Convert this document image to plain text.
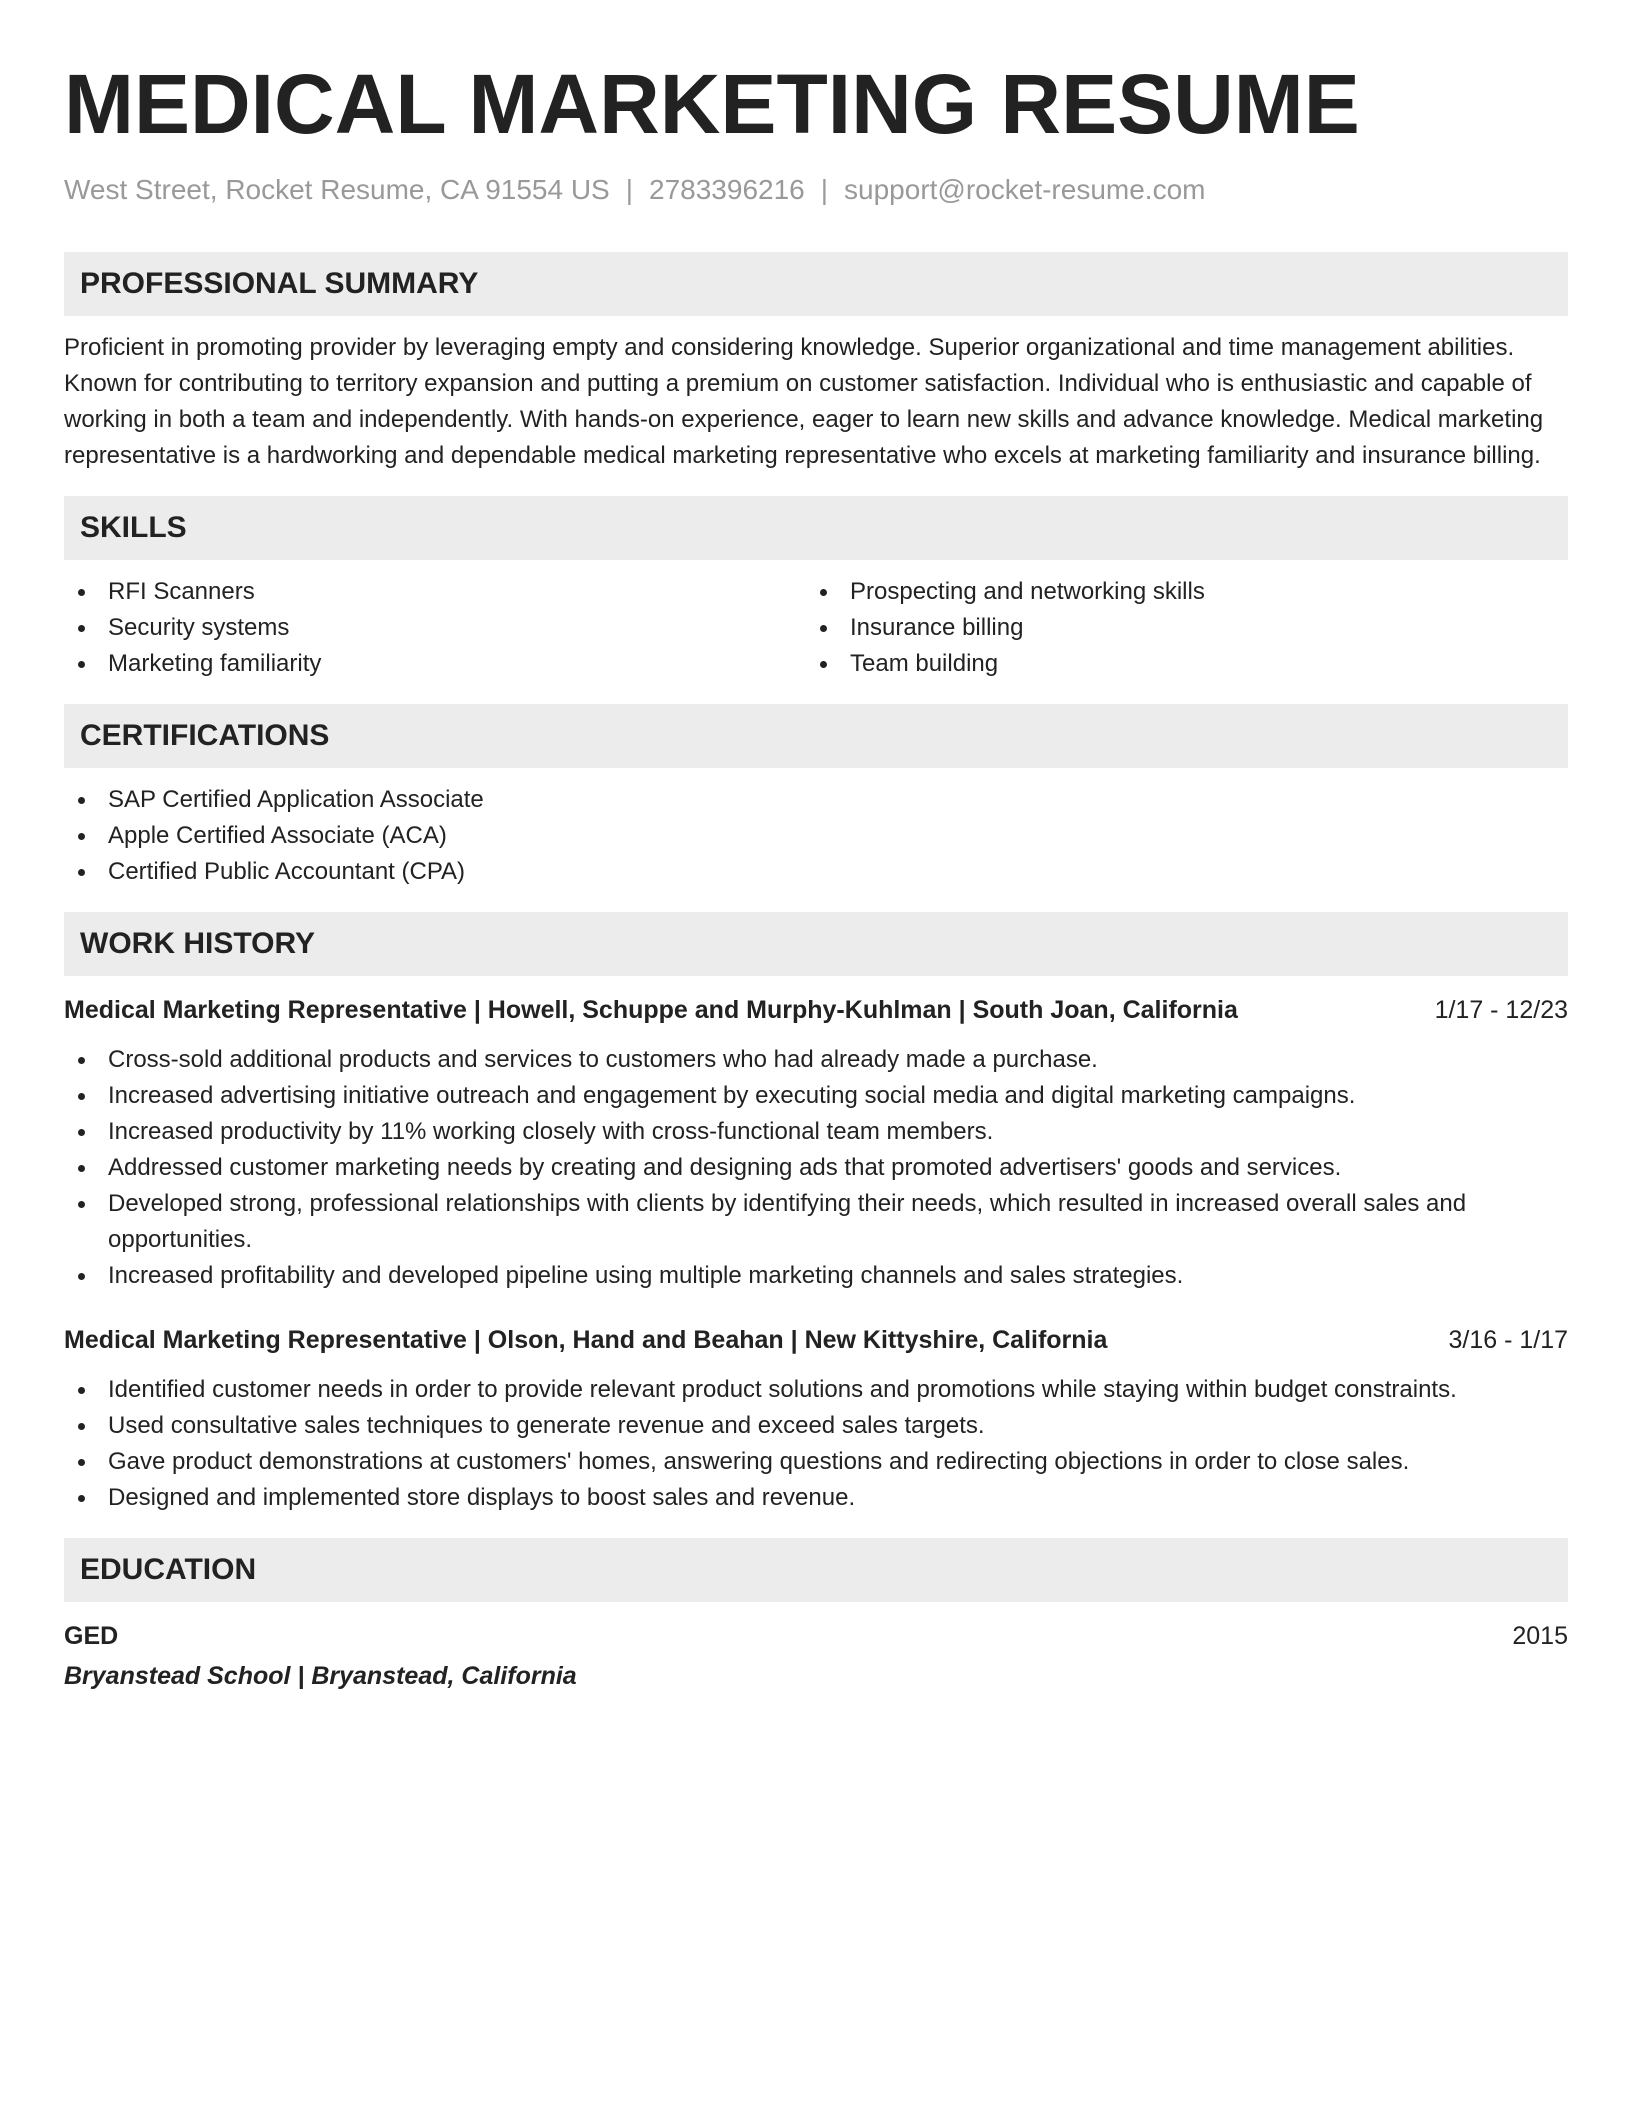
MEDICAL MARKETING RESUME
West Street, Rocket Resume, CA 91554 US | 2783396216 | support@rocket-resume.com
PROFESSIONAL SUMMARY

Proficient in promoting provider by leveraging empty and considering knowledge. Superior organizational and time management abilities. Known for contributing to territory expansion and putting a premium on customer satisfaction. Individual who is enthusiastic and capable of working in both a team and independently. With hands-on experience, eager to learn new skills and advance knowledge. Medical marketing representative is a hardworking and dependable medical marketing representative who excels at marketing familiarity and insurance billing.

SKILLS
RFI Scanners
Security systems
Marketing familiarity
Prospecting and networking skills
Insurance billing
Team building
CERTIFICATIONS
SAP Certified Application Associate
Apple Certified Associate (ACA)
Certified Public Accountant (CPA)
WORK HISTORY
Medical Marketing Representative | Howell, Schuppe and Murphy-Kuhlman | South Joan, California	1/17 - 12/23
Cross-sold additional products and services to customers who had already made a purchase.
Increased advertising initiative outreach and engagement by executing social media and digital marketing campaigns.
Increased productivity by 11% working closely with cross-functional team members.
Addressed customer marketing needs by creating and designing ads that promoted advertisers' goods and services.
Developed strong, professional relationships with clients by identifying their needs, which resulted in increased overall sales and opportunities.
Increased profitability and developed pipeline using multiple marketing channels and sales strategies.
Medical Marketing Representative | Olson, Hand and Beahan | New Kittyshire, California	3/16 - 1/17
Identified customer needs in order to provide relevant product solutions and promotions while staying within budget constraints.
Used consultative sales techniques to generate revenue and exceed sales targets.
Gave product demonstrations at customers' homes, answering questions and redirecting objections in order to close sales.
Designed and implemented store displays to boost sales and revenue.
EDUCATION
GED	2015
Bryanstead School | Bryanstead, California
